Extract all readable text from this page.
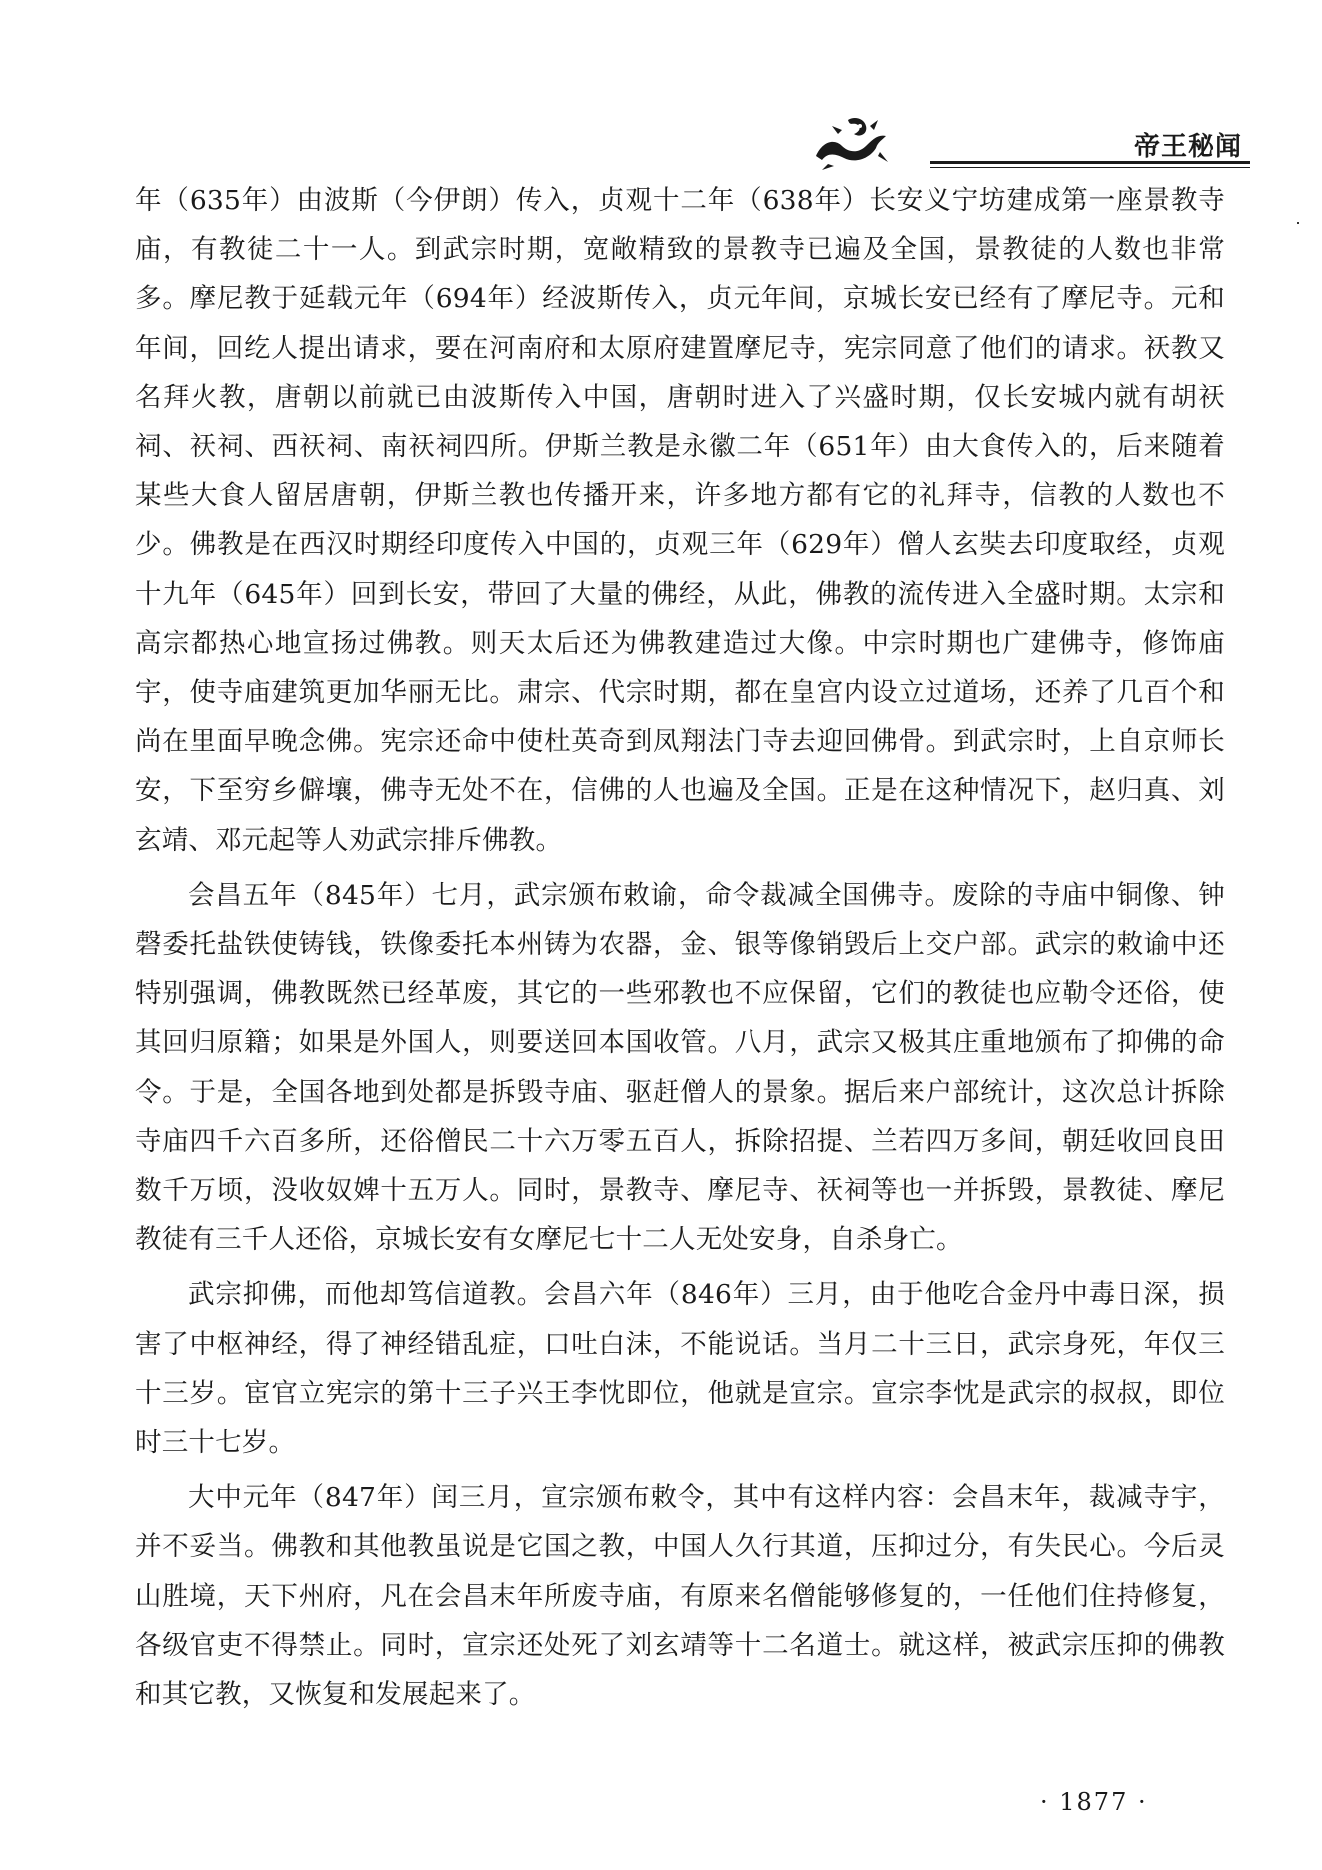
帝王秘闻

年（635年）由波斯（今伊朗）传入，贞观十二年（638年）长安义宁坊建成第一座景教寺庙，有教徒二十一人。到武宗时期，宽敞精致的景教寺已遍及全国，景教徒的人数也非常多。摩尼教于延载元年（694年）经波斯传入，贞元年间，京城长安已经有了摩尼寺。元和年间，回纥人提出请求，要在河南府和太原府建置摩尼寺，宪宗同意了他们的请求。祆教又名拜火教，唐朝以前就已由波斯传入中国，唐朝时进入了兴盛时期，仅长安城内就有胡祆祠、祆祠、西祆祠、南祆祠四所。伊斯兰教是永徽二年（651年）由大食传入的，后来随着某些大食人留居唐朝，伊斯兰教也传播开来，许多地方都有它的礼拜寺，信教的人数也不少。佛教是在西汉时期经印度传入中国的，贞观三年（629年）僧人玄奘去印度取经，贞观十九年（645年）回到长安，带回了大量的佛经，从此，佛教的流传进入全盛时期。太宗和高宗都热心地宣扬过佛教。则天太后还为佛教建造过大像。中宗时期也广建佛寺，修饰庙宇，使寺庙建筑更加华丽无比。肃宗、代宗时期，都在皇宫内设立过道场，还养了几百个和尚在里面早晚念佛。宪宗还命中使杜英奇到凤翔法门寺去迎回佛骨。到武宗时，上自京师长安，下至穷乡僻壤，佛寺无处不在，信佛的人也遍及全国。正是在这种情况下，赵归真、刘玄靖、邓元起等人劝武宗排斥佛教。

会昌五年（845年）七月，武宗颁布敕谕，命令裁减全国佛寺。废除的寺庙中铜像、钟磬委托盐铁使铸钱，铁像委托本州铸为农器，金、银等像销毁后上交户部。武宗的敕谕中还特别强调，佛教既然已经革废，其它的一些邪教也不应保留，它们的教徒也应勒令还俗，使其回归原籍；如果是外国人，则要送回本国收管。八月，武宗又极其庄重地颁布了抑佛的命令。于是，全国各地到处都是拆毁寺庙、驱赶僧人的景象。据后来户部统计，这次总计拆除寺庙四千六百多所，还俗僧民二十六万零五百人，拆除招提、兰若四万多间，朝廷收回良田数千万顷，没收奴婢十五万人。同时，景教寺、摩尼寺、祆祠等也一并拆毁，景教徒、摩尼教徒有三千人还俗，京城长安有女摩尼七十二人无处安身，自杀身亡。

武宗抑佛，而他却笃信道教。会昌六年（846年）三月，由于他吃合金丹中毒日深，损害了中枢神经，得了神经错乱症，口吐白沫，不能说话。当月二十三日，武宗身死，年仅三十三岁。宦官立宪宗的第十三子兴王李忱即位，他就是宣宗。宣宗李忱是武宗的叔叔，即位时三十七岁。

大中元年（847年）闰三月，宣宗颁布敕令，其中有这样内容：会昌末年，裁减寺宇，并不妥当。佛教和其他教虽说是它国之教，中国人久行其道，压抑过分，有失民心。今后灵山胜境，天下州府，凡在会昌末年所废寺庙，有原来名僧能够修复的，一任他们住持修复，各级官吏不得禁止。同时，宣宗还处死了刘玄靖等十二名道士。就这样，被武宗压抑的佛教和其它教，又恢复和发展起来了。

· 1877 ·
